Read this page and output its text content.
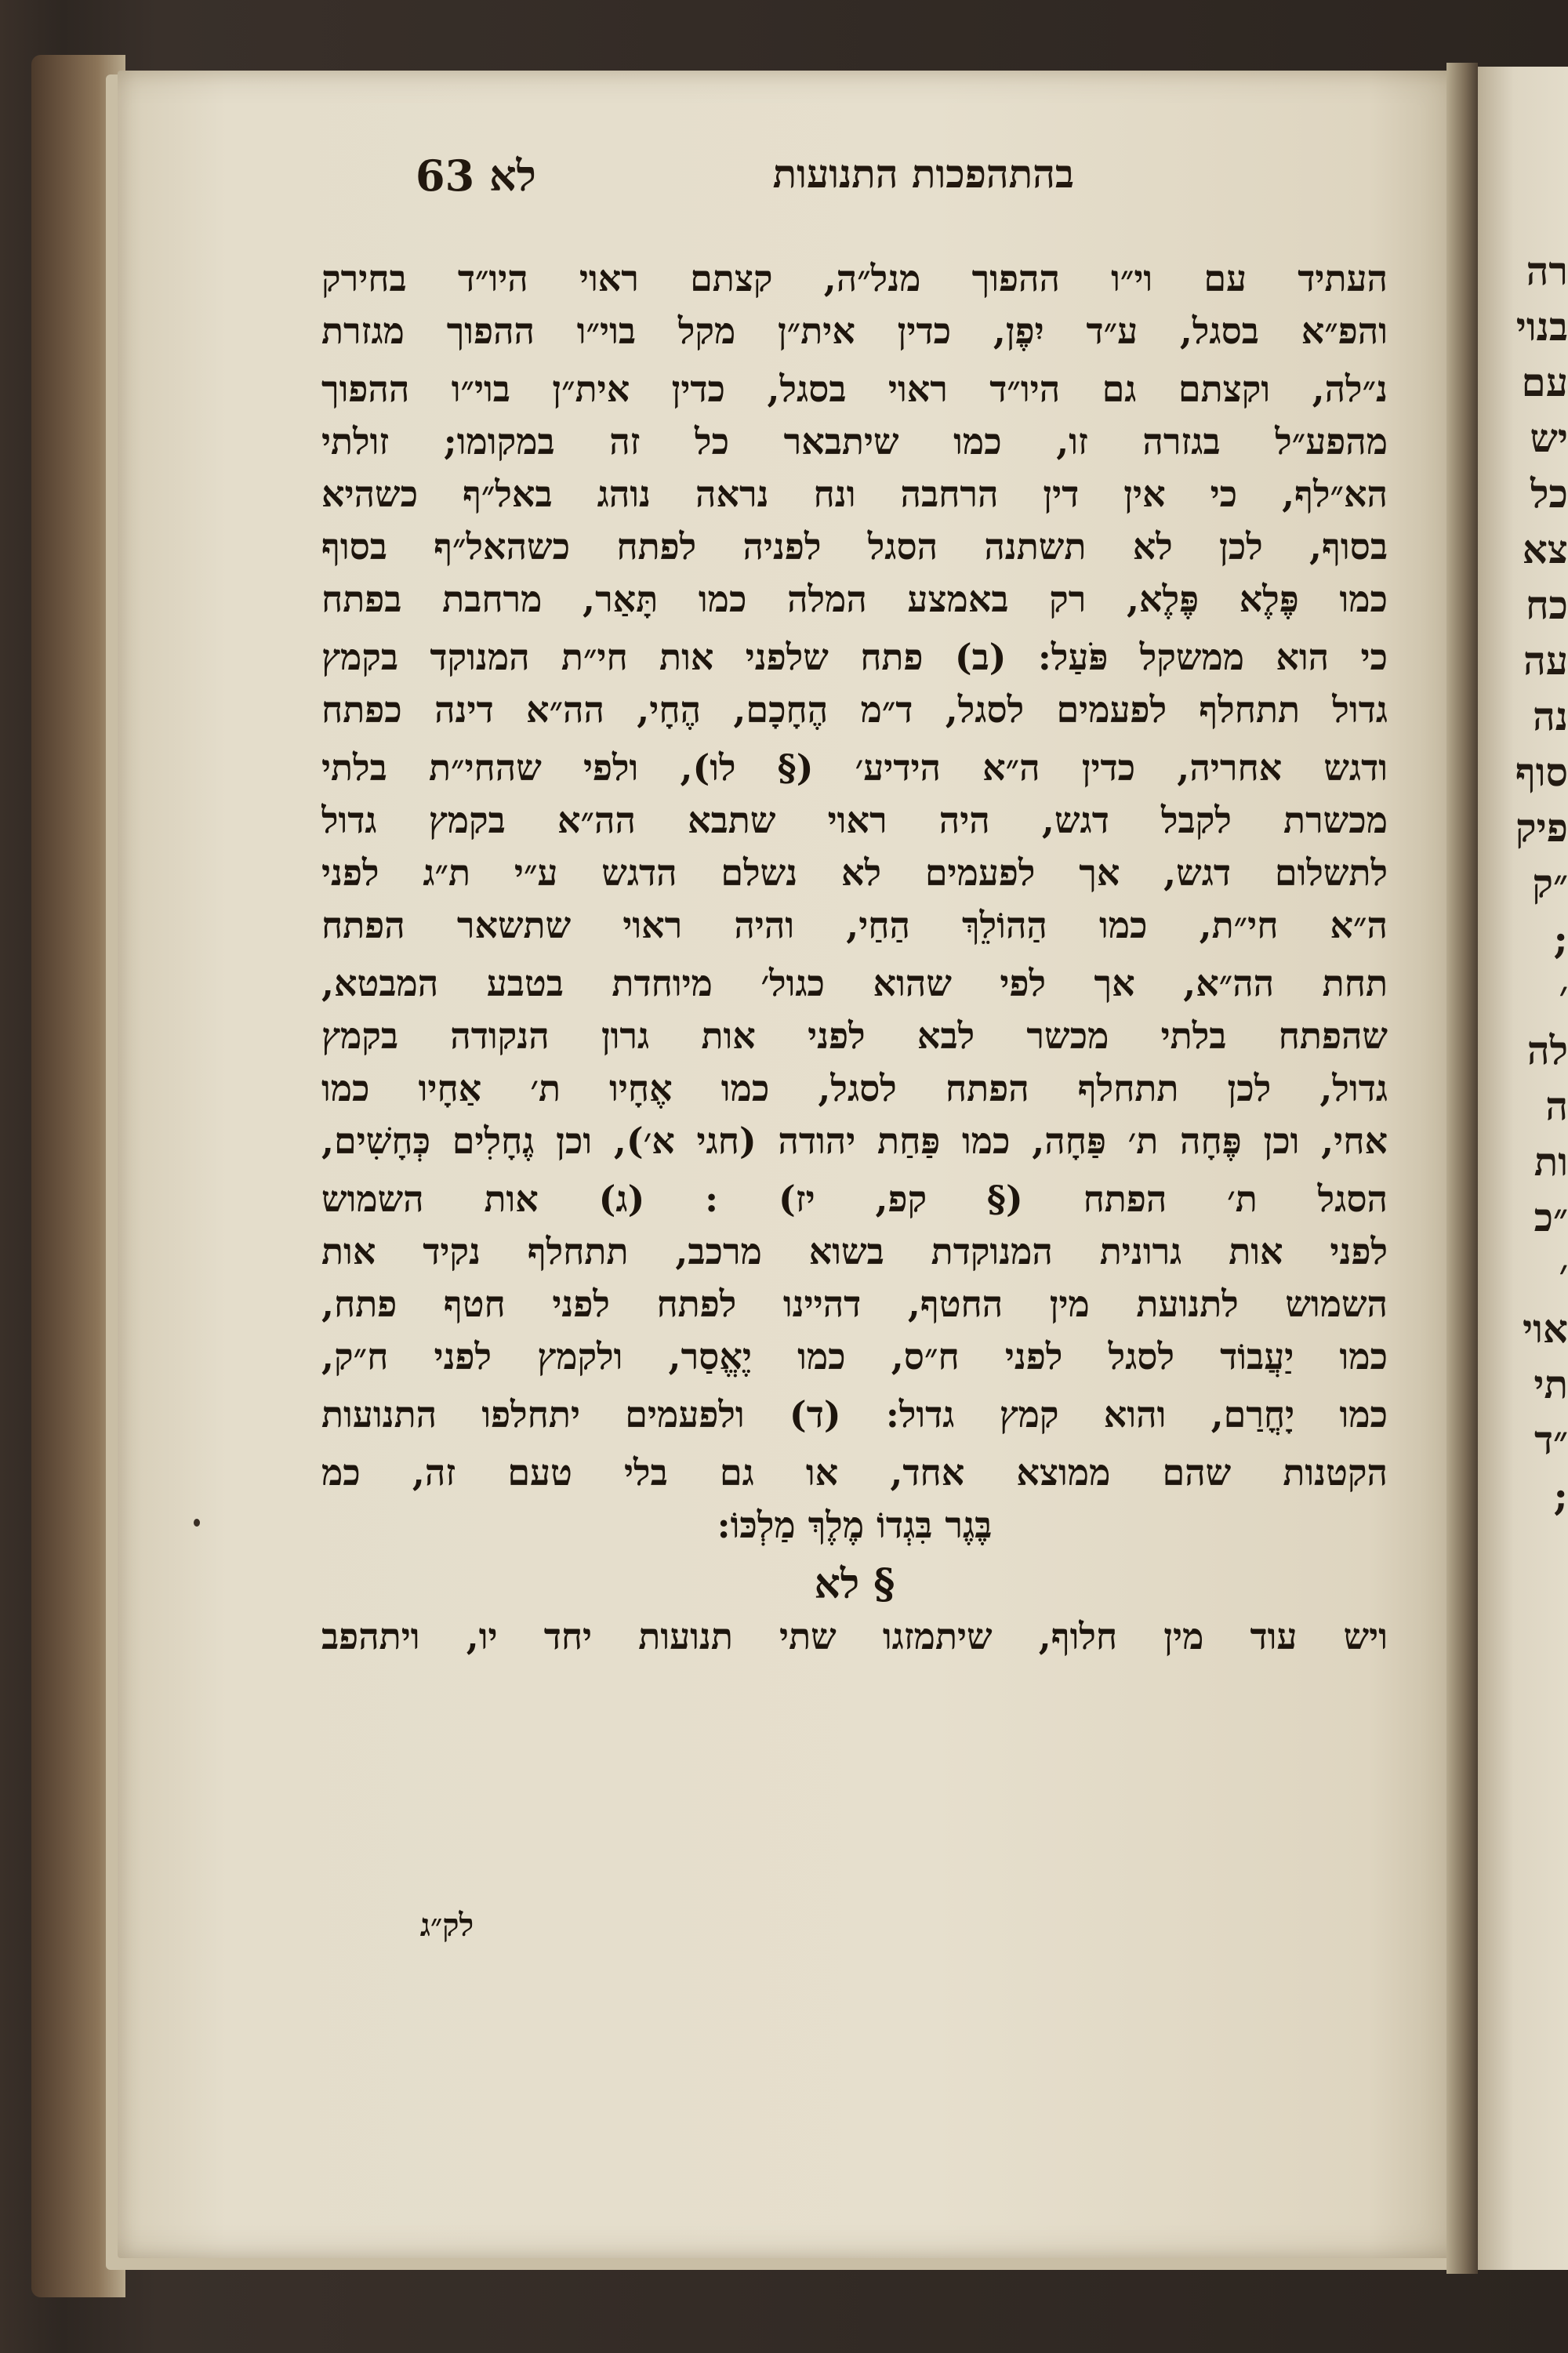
רה
בנוי
עם
יש
כל
צא
כח
עה
נה
סוף
פיק
״ק
;
׳
לה
ה
ות
״כ
׳
אוי
תי
״ד
;
בהתהפכות התנועות
לא 63
העתיד עם וי״ו ההפוך מנל״ה, קצתם ראוי היו״ד בחירק
והפ״א בסגל, ע״ד יִפֶן, כדין אית״ן מקל בוי״ו ההפוך מגזרת
נ״לה, וקצתם גם היו״ד ראוי בסגל, כדין אית״ן בוי״ו ההפוך
מהפע״ל בגזרה זו, כמו שיתבאר כל זה במקומו; זולתי
הא״לף, כי אין דין הרחבה ונח נראה נוהג באל״ף כשהיא
בסוף, לכן לא תשתנה הסגל לפניה לפתח כשהאל״ף בסוף
כמו פֶּלֶא פֶּלֶא, רק באמצע המלה כמו תָּאַר, מרחבת בפתח
כי הוא ממשקל פֹּעַל: (ב) פתח שלפני אות חי״ת המנוקד בקמץ
גדול תתחלף לפעמים לסגל, ד״מ הֶחָכָם, הֶחָי, הה״א דינה כפתח
ודגש אחריה, כדין ה״א הידיע׳ (§ לו), ולפי שהחי״ת בלתי
מכשרת לקבל דגש, היה ראוי שתבא הה״א בקמץ גדול
לתשלום דגש, אך לפעמים לא נשלם הדגש ע״י ת״ג לפני
ה״א חי״ת, כמו הַהוֹלֵךְ הַחַי, והיה ראוי שתשאר הפתח
תחת הה״א, אך לפי שהוא כגול׳ מיוחדת בטבע המבטא,
שהפתח בלתי מכשר לבא לפני אות גרון הנקודה בקמץ
גדול, לכן תתחלף הפתח לסגל, כמו אֶחָיו ת׳ אַחָיו כמו
אחי, וכן פֶּחָה ת׳ פַּחָה, כמו פַּחַת יהודה (חגי א׳), וכן גֶחָלִים כְּחָשִׁים,
הסגל ת׳ הפתח (§ קפ, יז) : (ג) אות השמוש
לפני אות גרונית המנוקדת בשוא מרכב, תתחלף נקיד אות
השמוש לתנועת מין החטף, דהיינו לפתח לפני חטף פתח,
כמו יַעֲבוֹד לסגל לפני ח״ס, כמו יֶאֱסַר, ולקמץ לפני ח״ק,
כמו יָחֳרַם, והוא קמץ גדול: (ד) ולפעמים יתחלפו התנועות
הקטנות שהם ממוצא אחד, או גם בלי טעם זה, כמ
בֶּגֶר בִּגְדוֹ מֶלֶךְ מַלְכּוֹ:
§ לא
ויש עוד מין חלוף, שיתמזגו שתי תנועות יחד יו, ויתהפב
לק״ג
